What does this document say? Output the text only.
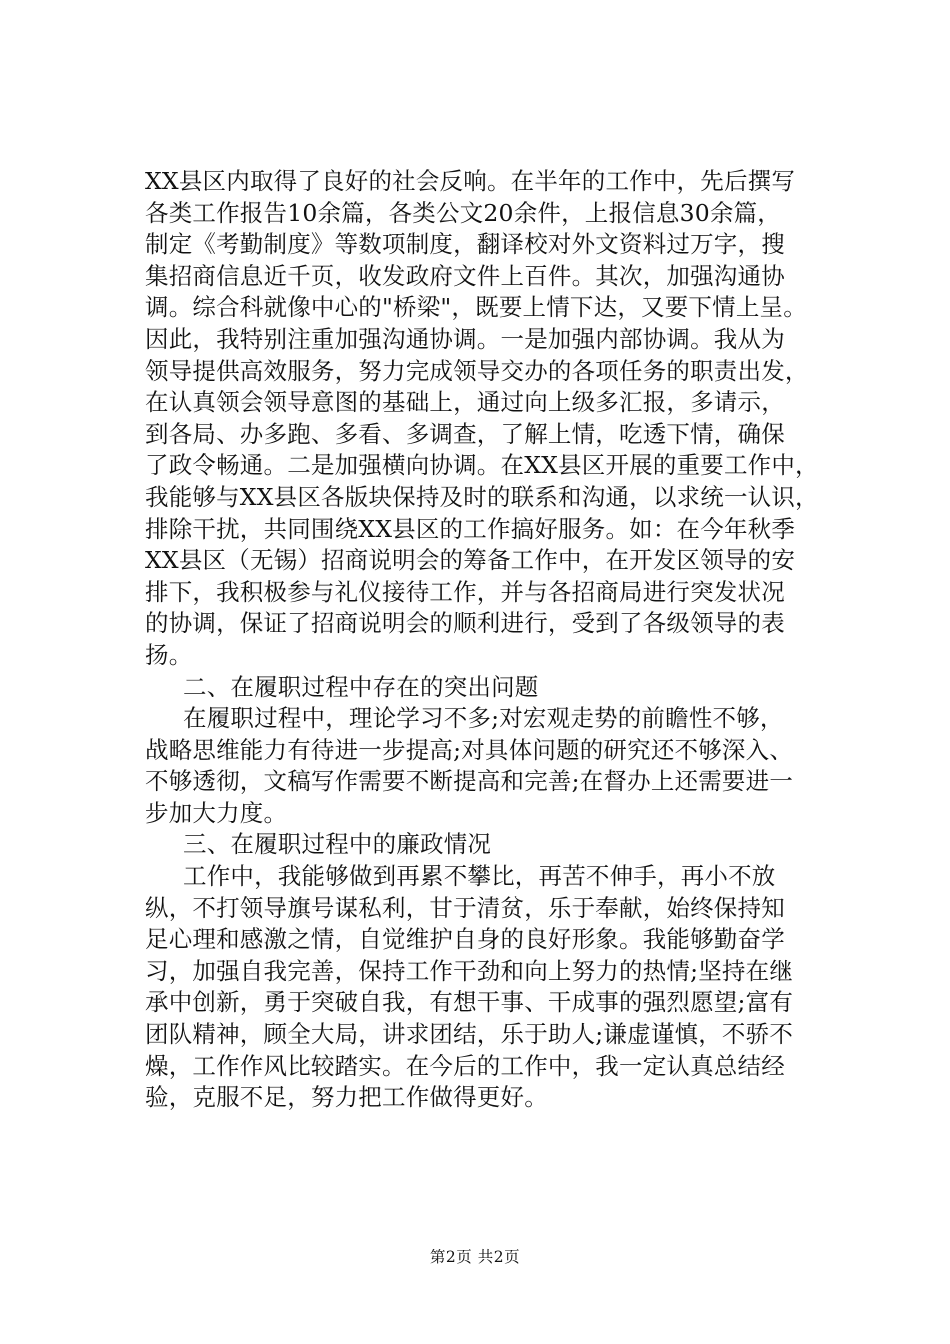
XX县区内取得了良好的社会反响。在半年的工作中，先后撰写
各类工作报告10余篇，各类公文20余件，上报信息30余篇，
制定《考勤制度》等数项制度，翻译校对外文资料过万字，搜
集招商信息近千页，收发政府文件上百件。其次，加强沟通协
调。综合科就像中心的"桥梁"，既要上情下达，又要下情上呈。
因此，我特别注重加强沟通协调。一是加强内部协调。我从为
领导提供高效服务，努力完成领导交办的各项任务的职责出发，
在认真领会领导意图的基础上，通过向上级多汇报，多请示，
到各局、办多跑、多看、多调查，了解上情，吃透下情，确保
了政令畅通。二是加强横向协调。在XX县区开展的重要工作中，
我能够与XX县区各版块保持及时的联系和沟通，以求统一认识，
排除干扰，共同围绕XX县区的工作搞好服务。如：在今年秋季
XX县区（无锡）招商说明会的筹备工作中，在开发区领导的安
排下，我积极参与礼仪接待工作，并与各招商局进行突发状况
的协调，保证了招商说明会的顺利进行，受到了各级领导的表
扬。
二、在履职过程中存在的突出问题
在履职过程中，理论学习不多;对宏观走势的前瞻性不够，
战略思维能力有待进一步提高;对具体问题的研究还不够深入、
不够透彻，文稿写作需要不断提高和完善;在督办上还需要进一
步加大力度。
三、在履职过程中的廉政情况
工作中，我能够做到再累不攀比，再苦不伸手，再小不放
纵，不打领导旗号谋私利，甘于清贫，乐于奉献，始终保持知
足心理和感激之情，自觉维护自身的良好形象。我能够勤奋学
习，加强自我完善，保持工作干劲和向上努力的热情;坚持在继
承中创新，勇于突破自我，有想干事、干成事的强烈愿望;富有
团队精神，顾全大局，讲求团结，乐于助人;谦虚谨慎，不骄不
燥，工作作风比较踏实。在今后的工作中，我一定认真总结经
验，克服不足，努力把工作做得更好。
第2页 共2页
